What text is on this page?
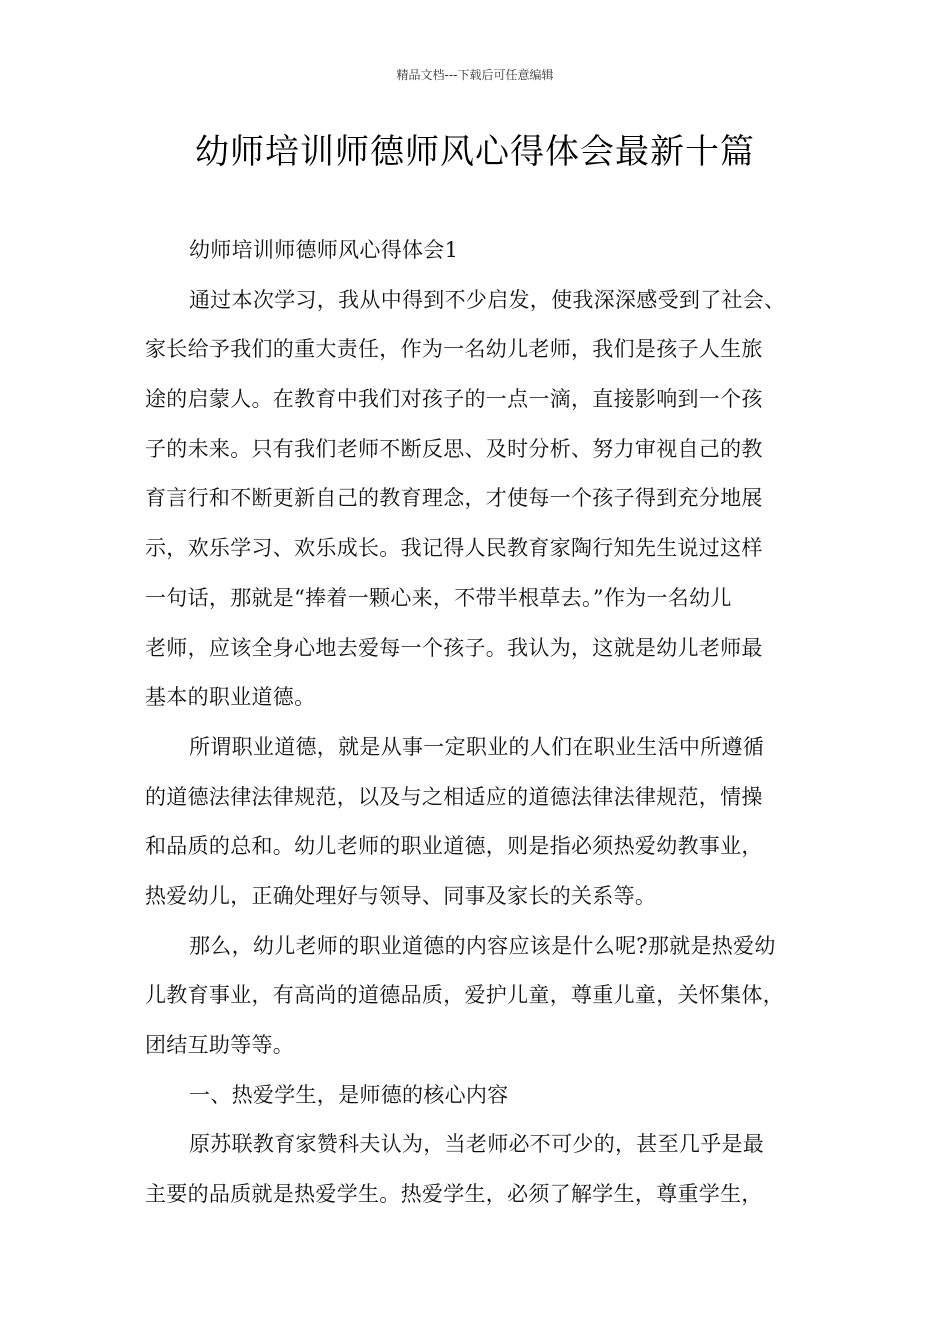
精品文档---下载后可任意编辑
幼师培训师德师风心得体会最新十篇
幼师培训师德师风心得体会1
通过本次学习，我从中得到不少启发，使我深深感受到了社会、
家长给予我们的重大责任，作为一名幼儿老师，我们是孩子人生旅
途的启蒙人。在教育中我们对孩子的一点一滴，直接影响到一个孩
子的未来。只有我们老师不断反思、及时分析、努力审视自己的教
育言行和不断更新自己的教育理念，才使每一个孩子得到充分地展
示，欢乐学习、欢乐成长。我记得人民教育家陶行知先生说过这样
一句话，那就是“捧着一颗心来，不带半根草去。”作为一名幼儿
老师，应该全身心地去爱每一个孩子。我认为，这就是幼儿老师最
基本的职业道德。
所谓职业道德，就是从事一定职业的人们在职业生活中所遵循
的道德法律法律规范，以及与之相适应的道德法律法律规范，情操
和品质的总和。幼儿老师的职业道德，则是指必须热爱幼教事业，
热爱幼儿，正确处理好与领导、同事及家长的关系等。
那么，幼儿老师的职业道德的内容应该是什么呢?那就是热爱幼
儿教育事业，有高尚的道德品质，爱护儿童，尊重儿童，关怀集体，
团结互助等等。
一、热爱学生，是师德的核心内容
原苏联教育家赞科夫认为，当老师必不可少的，甚至几乎是最
主要的品质就是热爱学生。热爱学生，必须了解学生，尊重学生，
